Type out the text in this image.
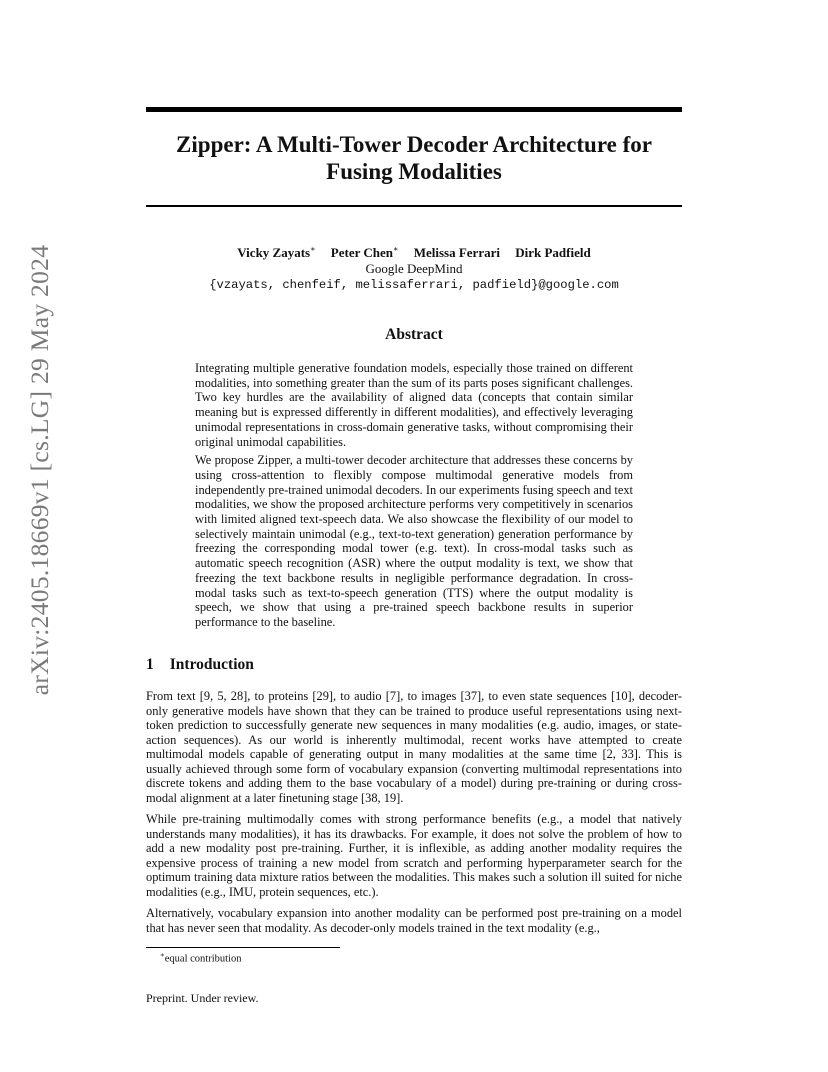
arXiv:2405.18669v1 [cs.LG] 29 May 2024
Zipper: A Multi-Tower Decoder Architecture for
Fusing Modalities
Vicky Zayats∗ Peter Chen∗ Melissa Ferrari Dirk Padfield
Google DeepMind
{vzayats, chenfeif, melissaferrari, padfield}@google.com
Abstract

Integrating multiple generative foundation models, especially those trained on different modalities, into something greater than the sum of its parts poses significant challenges. Two key hurdles are the availability of aligned data (concepts that contain similar meaning but is expressed differently in different modalities), and effectively leveraging unimodal representations in cross-domain generative tasks, without compromising their original unimodal capabilities.

We propose Zipper, a multi-tower decoder architecture that addresses these concerns by using cross-attention to flexibly compose multimodal generative models from independently pre-trained unimodal decoders. In our experiments fusing speech and text modalities, we show the proposed architecture performs very competitively in scenarios with limited aligned text-speech data. We also showcase the flexibility of our model to selectively maintain unimodal (e.g., text-to-text generation) generation performance by freezing the corresponding modal tower (e.g. text). In cross-modal tasks such as automatic speech recognition (ASR) where the output modality is text, we show that freezing the text backbone results in negligible performance degradation. In cross-modal tasks such as text-to-speech generation (TTS) where the output modality is speech, we show that using a pre-trained speech backbone results in superior performance to the baseline.

1 Introduction

From text [9, 5, 28], to proteins [29], to audio [7], to images [37], to even state sequences [10], decoder-only generative models have shown that they can be trained to produce useful representations using next-token prediction to successfully generate new sequences in many modalities (e.g. audio, images, or state-action sequences). As our world is inherently multimodal, recent works have attempted to create multimodal models capable of generating output in many modalities at the same time [2, 33]. This is usually achieved through some form of vocabulary expansion (converting multimodal representations into discrete tokens and adding them to the base vocabulary of a model) during pre-training or during cross-modal alignment at a later finetuning stage [38, 19].

While pre-training multimodally comes with strong performance benefits (e.g., a model that natively understands many modalities), it has its drawbacks. For example, it does not solve the problem of how to add a new modality post pre-training. Further, it is inflexible, as adding another modality requires the expensive process of training a new model from scratch and performing hyperparameter search for the optimum training data mixture ratios between the modalities. This makes such a solution ill suited for niche modalities (e.g., IMU, protein sequences, etc.).

Alternatively, vocabulary expansion into another modality can be performed post pre-training on a model that has never seen that modality. As decoder-only models trained in the text modality (e.g.,

∗equal contribution
Preprint. Under review.
